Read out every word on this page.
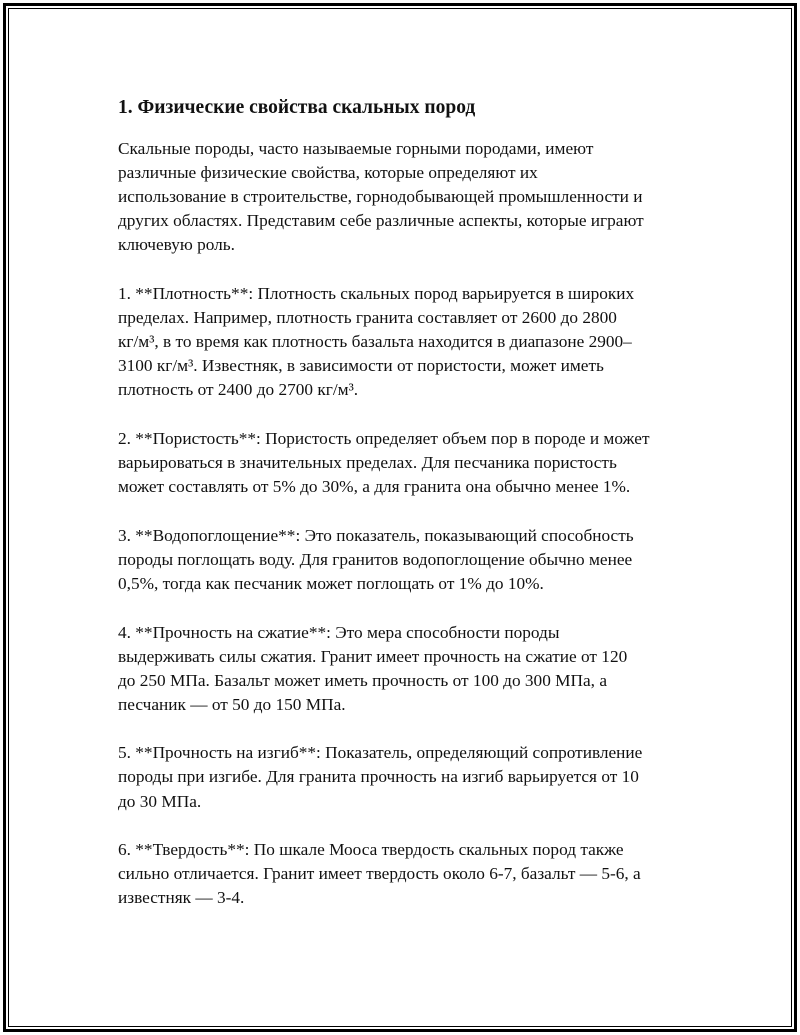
1. Физические свойства скальных пород
Скальные породы, часто называемые горными породами, имеют
различные физические свойства, которые определяют их
использование в строительстве, горнодобывающей промышленности и
других областях. Представим себе различные аспекты, которые играют
ключевую роль.
1. **Плотность**: Плотность скальных пород варьируется в широких
пределах. Например, плотность гранита составляет от 2600 до 2800
кг/м³, в то время как плотность базальта находится в диапазоне 2900–
3100 кг/м³. Известняк, в зависимости от пористости, может иметь
плотность от 2400 до 2700 кг/м³.
2. **Пористость**: Пористость определяет объем пор в породе и может
варьироваться в значительных пределах. Для песчаника пористость
может составлять от 5% до 30%, а для гранита она обычно менее 1%.
3. **Водопоглощение**: Это показатель, показывающий способность
породы поглощать воду. Для гранитов водопоглощение обычно менее
0,5%, тогда как песчаник может поглощать от 1% до 10%.
4. **Прочность на сжатие**: Это мера способности породы
выдерживать силы сжатия. Гранит имеет прочность на сжатие от 120
до 250 МПа. Базальт может иметь прочность от 100 до 300 МПа, а
песчаник — от 50 до 150 МПа.
5. **Прочность на изгиб**: Показатель, определяющий сопротивление
породы при изгибе. Для гранита прочность на изгиб варьируется от 10
до 30 МПа.
6. **Твердость**: По шкале Мооса твердость скальных пород также
сильно отличается. Гранит имеет твердость около 6-7, базальт — 5-6, а
известняк — 3-4.
